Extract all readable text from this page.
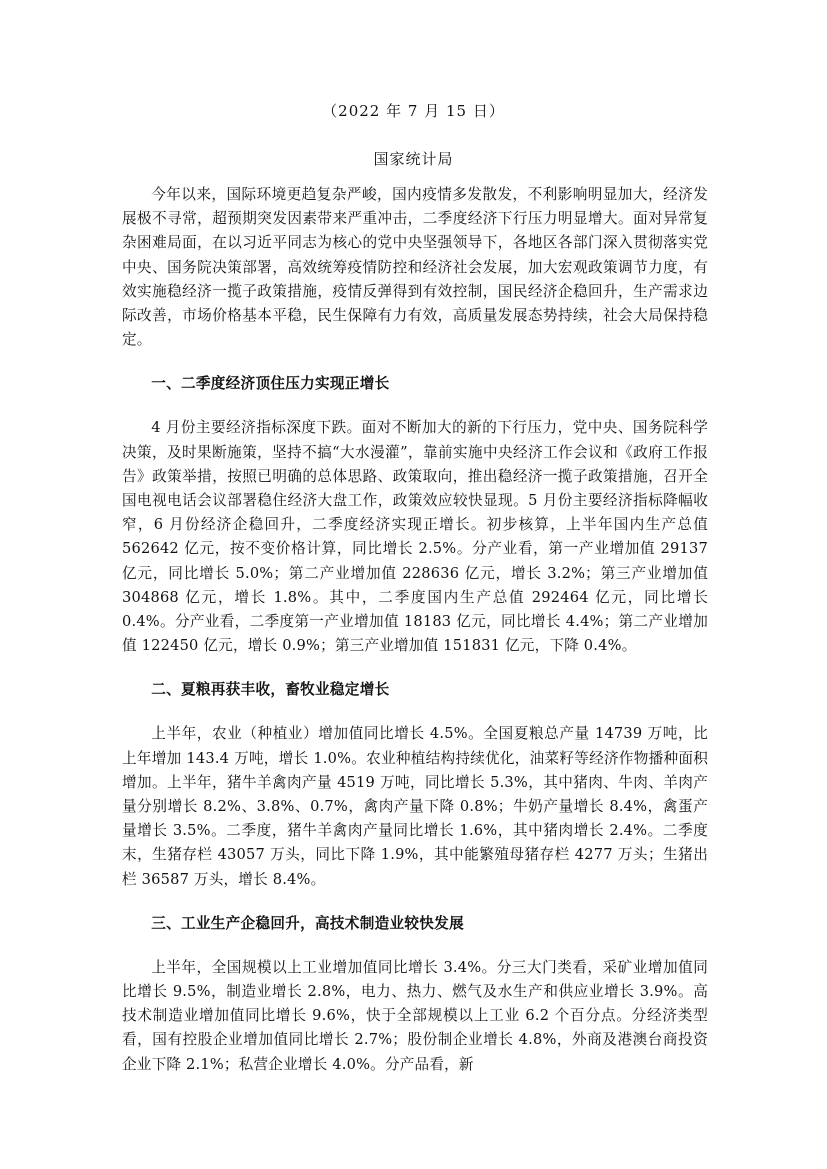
（2022 年 7 月 15 日）
国家统计局

今年以来，国际环境更趋复杂严峻，国内疫情多发散发，不利影响明显加大，经济发展极不寻常，超预期突发因素带来严重冲击，二季度经济下行压力明显增大。面对异常复杂困难局面，在以习近平同志为核心的党中央坚强领导下，各地区各部门深入贯彻落实党中央、国务院决策部署，高效统筹疫情防控和经济社会发展，加大宏观政策调节力度，有效实施稳经济一揽子政策措施，疫情反弹得到有效控制，国民经济企稳回升，生产需求边际改善，市场价格基本平稳，民生保障有力有效，高质量发展态势持续，社会大局保持稳定。

一、二季度经济顶住压力实现正增长

4 月份主要经济指标深度下跌。面对不断加大的新的下行压力，党中央、国务院科学决策，及时果断施策，坚持不搞“大水漫灌”，靠前实施中央经济工作会议和《政府工作报告》政策举措，按照已明确的总体思路、政策取向，推出稳经济一揽子政策措施，召开全国电视电话会议部署稳住经济大盘工作，政策效应较快显现。5 月份主要经济指标降幅收窄，6 月份经济企稳回升，二季度经济实现正增长。初步核算，上半年国内生产总值 562642 亿元，按不变价格计算，同比增长 2.5%。分产业看，第一产业增加值 29137 亿元，同比增长 5.0%；第二产业增加值 228636 亿元，增长 3.2%；第三产业增加值 304868 亿元，增长 1.8%。其中，二季度国内生产总值 292464 亿元，同比增长 0.4%。分产业看，二季度第一产业增加值 18183 亿元，同比增长 4.4%；第二产业增加值 122450 亿元，增长 0.9%；第三产业增加值 151831 亿元，下降 0.4%。

二、夏粮再获丰收，畜牧业稳定增长

上半年，农业（种植业）增加值同比增长 4.5%。全国夏粮总产量 14739 万吨，比上年增加 143.4 万吨，增长 1.0%。农业种植结构持续优化，油菜籽等经济作物播种面积增加。上半年，猪牛羊禽肉产量 4519 万吨，同比增长 5.3%，其中猪肉、牛肉、羊肉产量分别增长 8.2%、3.8%、0.7%，禽肉产量下降 0.8%；牛奶产量增长 8.4%，禽蛋产量增长 3.5%。二季度，猪牛羊禽肉产量同比增长 1.6%，其中猪肉增长 2.4%。二季度末，生猪存栏 43057 万头，同比下降 1.9%，其中能繁殖母猪存栏 4277 万头；生猪出栏 36587 万头，增长 8.4%。

三、工业生产企稳回升，高技术制造业较快发展

上半年，全国规模以上工业增加值同比增长 3.4%。分三大门类看，采矿业增加值同比增长 9.5%，制造业增长 2.8%，电力、热力、燃气及水生产和供应业增长 3.9%。高技术制造业增加值同比增长 9.6%，快于全部规模以上工业 6.2 个百分点。分经济类型看，国有控股企业增加值同比增长 2.7%；股份制企业增长 4.8%，外商及港澳台商投资企业下降 2.1%；私营企业增长 4.0%。分产品看，新
